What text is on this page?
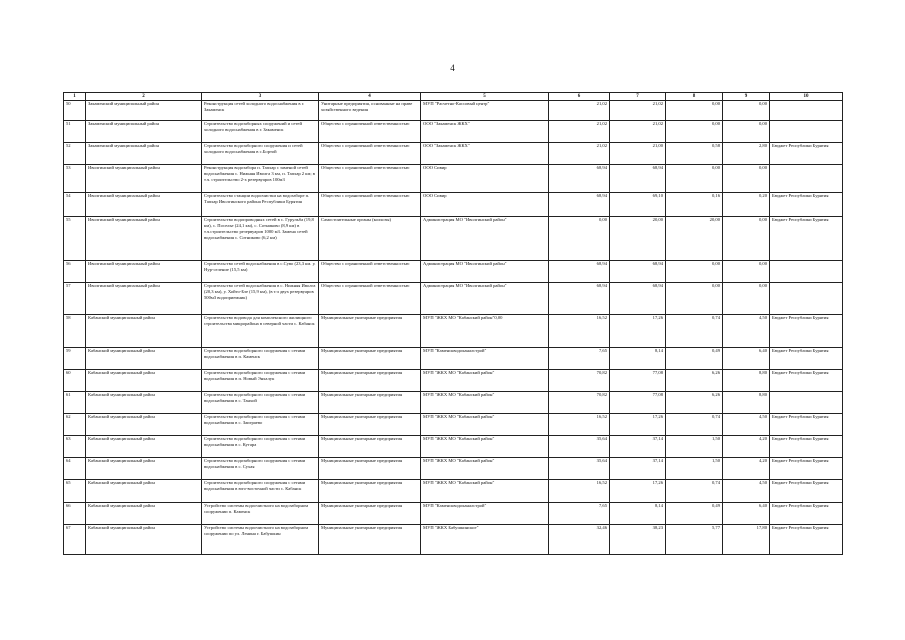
4
1	2	3	4	5	6	7	8	9	10
50	Закаменский муниципальный район	Реконструкция сетей холодного водоснабжения в г. Закаменск	Унитарные предприятия, основанные на праве хозяйственного ведения	МУП "Расчетно-Кассовый центр"	21,02	21,02	0,00	0,00	
51	Закаменский муниципальный район	Строительство водозаборных сооружений и сетей холодного водоснабжения в г. Закаменск	Общество с ограниченной ответственностью	ООО "Закаменск ЖКХ"	21,02	21,02	0,00	0,00	
52	Закаменский муниципальный район	Строительство водозаборного сооружения и сетей холодного водоснабжения в с.Бортой	Общество с ограниченной ответственностью	ООО "Закаменск ЖКХ"	21,02	21,00	0,58	2,80	Бюджет Республики Бурятия
53	Иволгинский муниципальный район	Реконструкция водозабора п. Тапхар с заменой сетей водоснабжения с. Нижняя Иволга 3 км, п. Тапхар 2 км; в т.ч. строительство 2-х резервуаров 100м3	Общество с ограниченной ответственностью	ООО Сивир	68,94	68,94	0,00	0,00	
54	Иволгинский муниципальный район	Строительство станции водоочистки на водозаборе п. Тапхар Иволгинского района Республики Бурятия	Общество с ограниченной ответственностью	ООО Сивир	68,94	69,10	0,16	0,20	Бюджет Республики Бурятия
55	Иволгинский муниципальный район	Строительство водопроводных сетей в с. Гурульба (19,8 км), с. Поселье (24,1 км), с. Сотниково (8,9 км) в т.ч.строительство резервуаров 1000 м3. Замена сетей водоснабжения с. Сотниково (6,2 км)	Самостоятельные органы (колхозы)	Администрация МО "Иволгинский район"	0,00	20,00	20,00	0,00	Бюджет Республики Бурятия
56	Иволгинский муниципальный район	Строительство сетей водоснабжения в с.Суво (23,3 км. у. Нур-селение (15,5 км)	Общество с ограниченной ответственностью	Администрация МО "Иволгинский район"	68,94	68,94	0,00	0,00	
57	Иволгинский муниципальный район	Строительство сетей водоснабжения в с. Нижняя Иволга (20,3 км), у. Хойто-Бэе (15,9 км), (в т.ч двух резервуаров 500м3 водоприемник)	Общество с ограниченной ответственностью	Администрация МО "Иволгинский район"	68,94	68,94	0,00	0,00	
58	Кабанский муниципальный район	Строительство водовода для комплексного жилищного строительства микрорайона в северной части с. Кабанск	Муниципальные унитарные предприятия	МУП "ЖКХ МО "Кабанский район"0,00	16,52	17,26	0,74	4,50	Бюджет Республики Бурятия
59	Кабанский муниципальный район	Строительство водозаборного сооружения с сетями водоснабжения в п. Каменск	Муниципальные унитарные предприятия	МУП "Каменскводоканалстрой"	7,65	8,14	0,49	6,40	Бюджет Республики Бурятия
60	Кабанский муниципальный район	Строительство водозаборного сооружения с сетями водоснабжения в п. Новый Энхалук	Муниципальные унитарные предприятия	МУП "ЖКХ МО "Кабанский район"	70,82	77,08	6,26	8,80	Бюджет Республики Бурятия
61	Кабанский муниципальный район	Строительство водозаборного сооружения с сетями водоснабжения в с. Танхой	Муниципальные унитарные предприятия	МУП "ЖКХ МО "Кабанский район"	70,82	77,08	6,26	8,80	
62	Кабанский муниципальный район	Строительство водозаборного сооружения с сетями водоснабжения в с. Заиграево	Муниципальные унитарные предприятия	МУП "ЖКХ МО "Кабанский район"	16,52	17,26	0,74	4,50	Бюджет Республики Бурятия
63	Кабанский муниципальный район	Строительство водозаборного сооружения с сетями водоснабжения в с. Кутара	Муниципальные унитарные предприятия	МУП "ЖКХ МО "Кабанский район"	35,64	37,14	1,50	4,20	Бюджет Республики Бурятия
64	Кабанский муниципальный район	Строительство водозаборного сооружения с сетями водоснабжения в с. Сухая	Муниципальные унитарные предприятия	МУП "ЖКХ МО "Кабанский район"	35,64	37,14	1,50	4,20	Бюджет Республики Бурятия
65	Кабанский муниципальный район	Строительство водозаборного сооружения с сетями водоснабжения в юго-восточной части с. Кабанск	Муниципальные унитарные предприятия	МУП "ЖКХ МО "Кабанский район"	16,52	17,26	0,74	4,50	Бюджет Республики Бурятия
66	Кабанский муниципальный район	Устройство системы водоочистного на водозаборном сооружении п. Каменск	Муниципальные унитарные предприятия	МУП "Каменскводоканалстрой"	7,65	8,14	0,49	6,40	Бюджет Республики Бурятия
67	Кабанский муниципальный район	Устройство системы водоочистного на водозаборном сооружении по ул. Ленина г. Бабушкин	Муниципальные унитарные предприятия	МУП "ЖКХ Бабушкинское"	32,46	38,23	5,77	17,80	Бюджет Республики Бурятия
